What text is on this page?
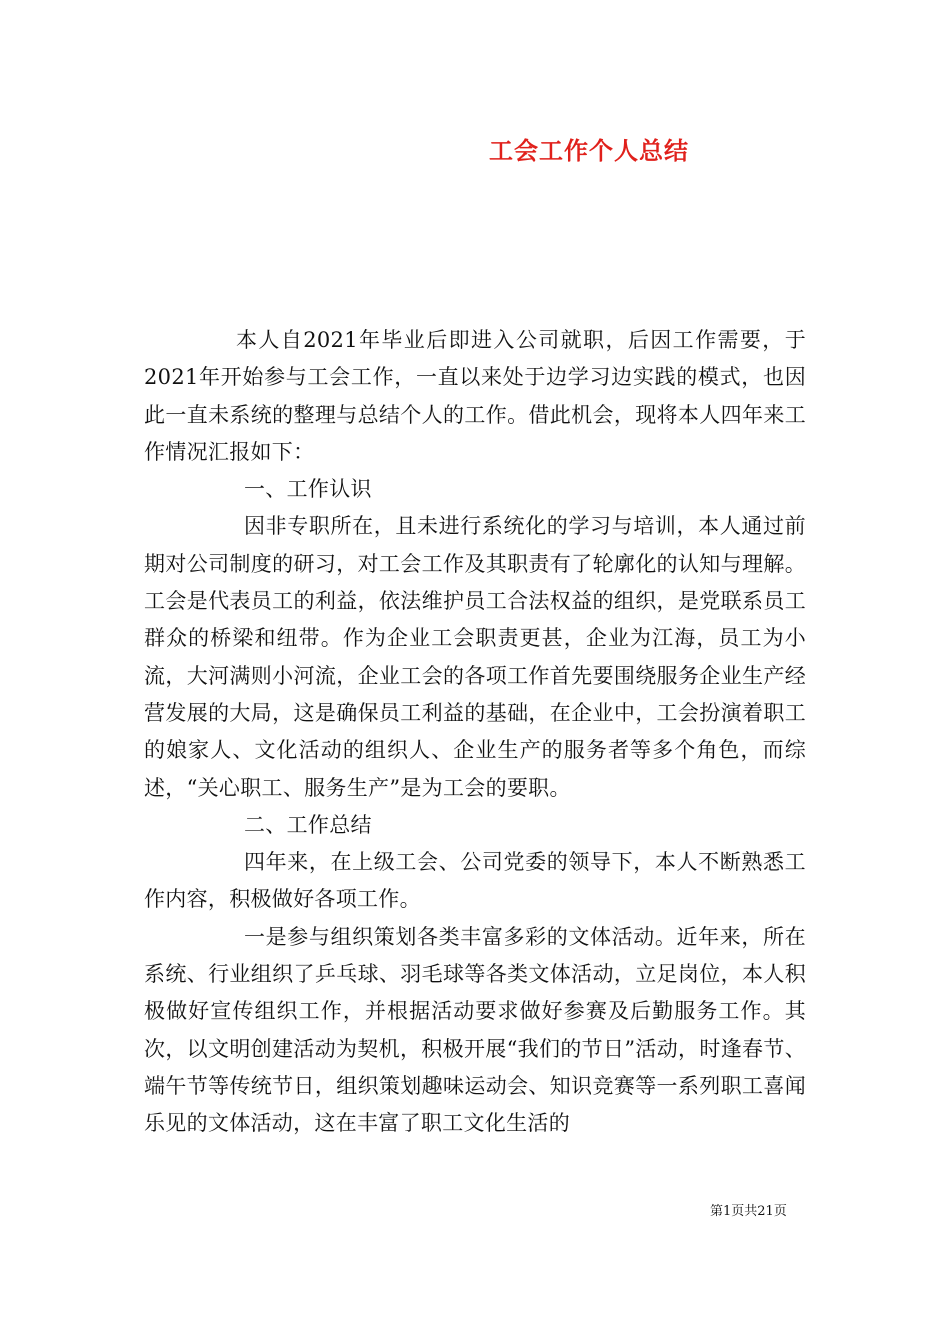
工会工作个人总结

本人自2021年毕业后即进入公司就职，后因工作需要，于2021年开始参与工会工作，一直以来处于边学习边实践的模式，也因此一直未系统的整理与总结个人的工作。借此机会，现将本人四年来工作情况汇报如下：

一、工作认识

因非专职所在，且未进行系统化的学习与培训，本人通过前期对公司制度的研习，对工会工作及其职责有了轮廓化的认知与理解。工会是代表员工的利益，依法维护员工合法权益的组织，是党联系员工群众的桥梁和纽带。作为企业工会职责更甚，企业为江海，员工为小流，大河满则小河流，企业工会的各项工作首先要围绕服务企业生产经营发展的大局，这是确保员工利益的基础，在企业中，工会扮演着职工的娘家人、文化活动的组织人、企业生产的服务者等多个角色，而综述，“关心职工、服务生产”是为工会的要职。

二、工作总结

四年来，在上级工会、公司党委的领导下，本人不断熟悉工作内容，积极做好各项工作。

一是参与组织策划各类丰富多彩的文体活动。近年来，所在系统、行业组织了乒乓球、羽毛球等各类文体活动，立足岗位，本人积极做好宣传组织工作，并根据活动要求做好参赛及后勤服务工作。其次，以文明创建活动为契机，积极开展“我们的节日”活动，时逢春节、端午节等传统节日，组织策划趣味运动会、知识竞赛等一系列职工喜闻乐见的文体活动，这在丰富了职工文化生活的

第1页共21页
